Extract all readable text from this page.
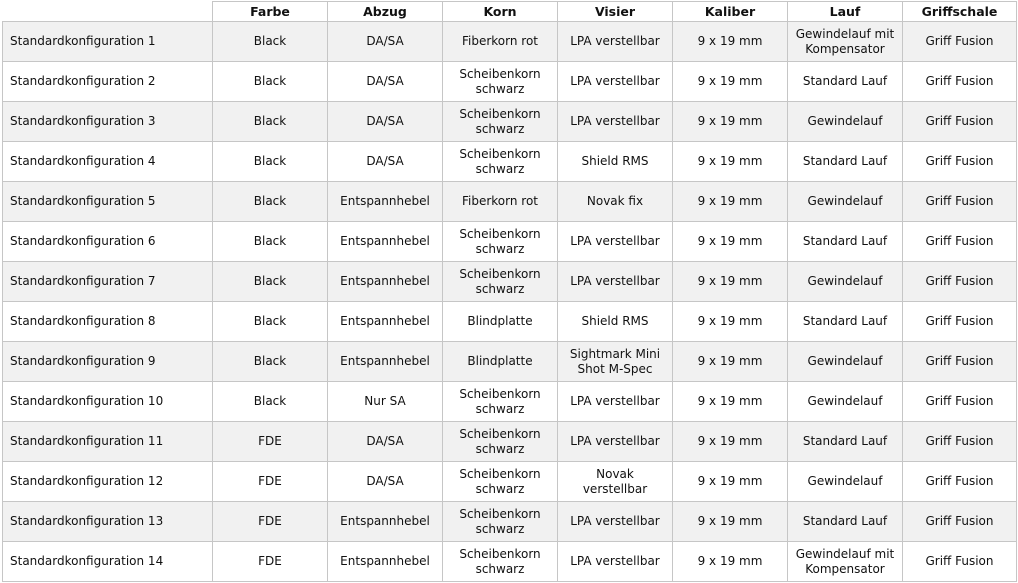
	Farbe	Abzug	Korn	Visier	Kaliber	Lauf	Griffschale
Standardkonfiguration 1	Black	DA/SA	Fiberkorn rot	LPA verstellbar	9 x 19 mm	Gewindelauf mit Kompensator	Griff Fusion
Standardkonfiguration 2	Black	DA/SA	Scheibenkorn schwarz	LPA verstellbar	9 x 19 mm	Standard Lauf	Griff Fusion
Standardkonfiguration 3	Black	DA/SA	Scheibenkorn schwarz	LPA verstellbar	9 x 19 mm	Gewindelauf	Griff Fusion
Standardkonfiguration 4	Black	DA/SA	Scheibenkorn schwarz	Shield RMS	9 x 19 mm	Standard Lauf	Griff Fusion
Standardkonfiguration 5	Black	Entspannhebel	Fiberkorn rot	Novak fix	9 x 19 mm	Gewindelauf	Griff Fusion
Standardkonfiguration 6	Black	Entspannhebel	Scheibenkorn schwarz	LPA verstellbar	9 x 19 mm	Standard Lauf	Griff Fusion
Standardkonfiguration 7	Black	Entspannhebel	Scheibenkorn schwarz	LPA verstellbar	9 x 19 mm	Gewindelauf	Griff Fusion
Standardkonfiguration 8	Black	Entspannhebel	Blindplatte	Shield RMS	9 x 19 mm	Standard Lauf	Griff Fusion
Standardkonfiguration 9	Black	Entspannhebel	Blindplatte	Sightmark Mini Shot M-Spec	9 x 19 mm	Gewindelauf	Griff Fusion
Standardkonfiguration 10	Black	Nur SA	Scheibenkorn schwarz	LPA verstellbar	9 x 19 mm	Gewindelauf	Griff Fusion
Standardkonfiguration 11	FDE	DA/SA	Scheibenkorn schwarz	LPA verstellbar	9 x 19 mm	Standard Lauf	Griff Fusion
Standardkonfiguration 12	FDE	DA/SA	Scheibenkorn schwarz	Novak verstellbar	9 x 19 mm	Gewindelauf	Griff Fusion
Standardkonfiguration 13	FDE	Entspannhebel	Scheibenkorn schwarz	LPA verstellbar	9 x 19 mm	Standard Lauf	Griff Fusion
Standardkonfiguration 14	FDE	Entspannhebel	Scheibenkorn schwarz	LPA verstellbar	9 x 19 mm	Gewindelauf mit Kompensator	Griff Fusion
